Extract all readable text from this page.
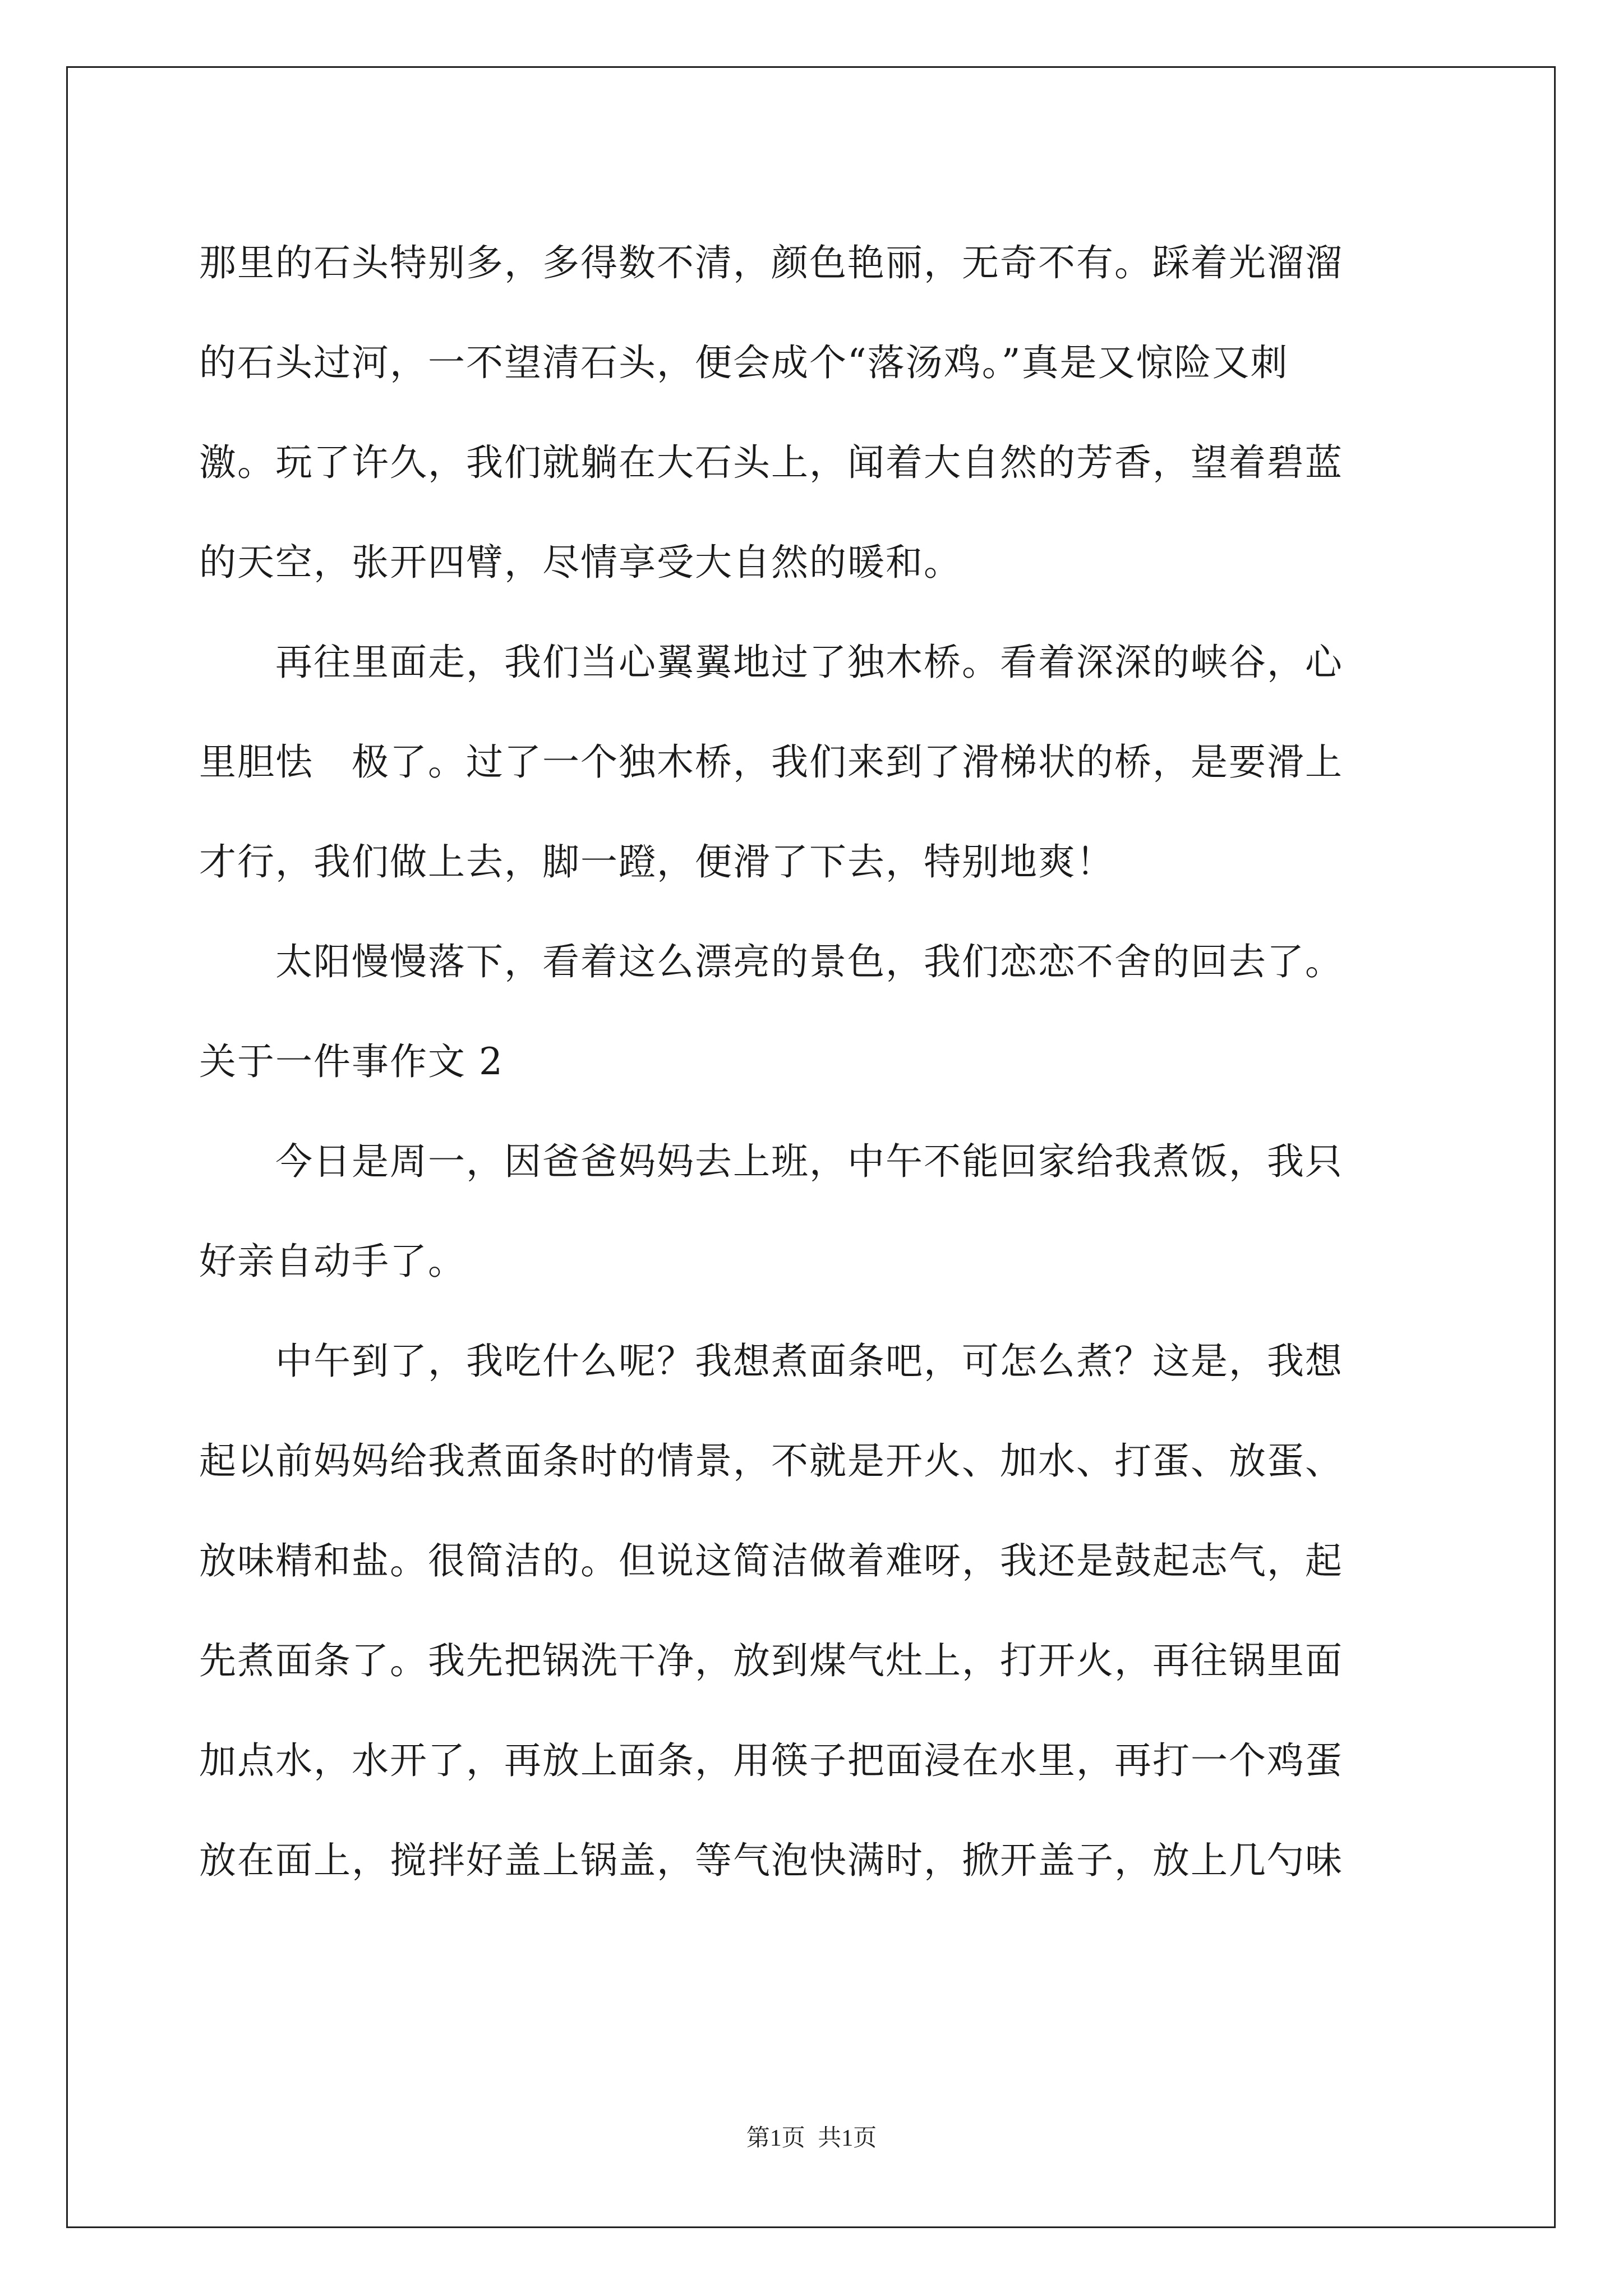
那里的石头特别多，多得数不清，颜色艳丽，无奇不有。踩着光溜溜
的石头过河，一不望清石头，便会成个“落汤鸡。”真是又惊险又刺
激。玩了许久，我们就躺在大石头上，闻着大自然的芳香，望着碧蓝
的天空，张开四臂，尽情享受大自然的暖和。
　　再往里面走，我们当心翼翼地过了独木桥。看着深深的峡谷，心
里胆怯　极了。过了一个独木桥，我们来到了滑梯状的桥，是要滑上
才行，我们做上去，脚一蹬，便滑了下去，特别地爽！
　　太阳慢慢落下，看着这么漂亮的景色，我们恋恋不舍的回去了。
关于一件事作文 2
　　今日是周一，因爸爸妈妈去上班，中午不能回家给我煮饭，我只
好亲自动手了。
　　中午到了，我吃什么呢？我想煮面条吧，可怎么煮？这是，我想
起以前妈妈给我煮面条时的情景，不就是开火、加水、打蛋、放蛋、
放味精和盐。很简洁的。但说这简洁做着难呀，我还是鼓起志气，起
先煮面条了。我先把锅洗干净，放到煤气灶上，打开火，再往锅里面
加点水，水开了，再放上面条，用筷子把面浸在水里，再打一个鸡蛋
放在面上，搅拌好盖上锅盖，等气泡快满时，掀开盖子，放上几勺味
第1页 共1页
